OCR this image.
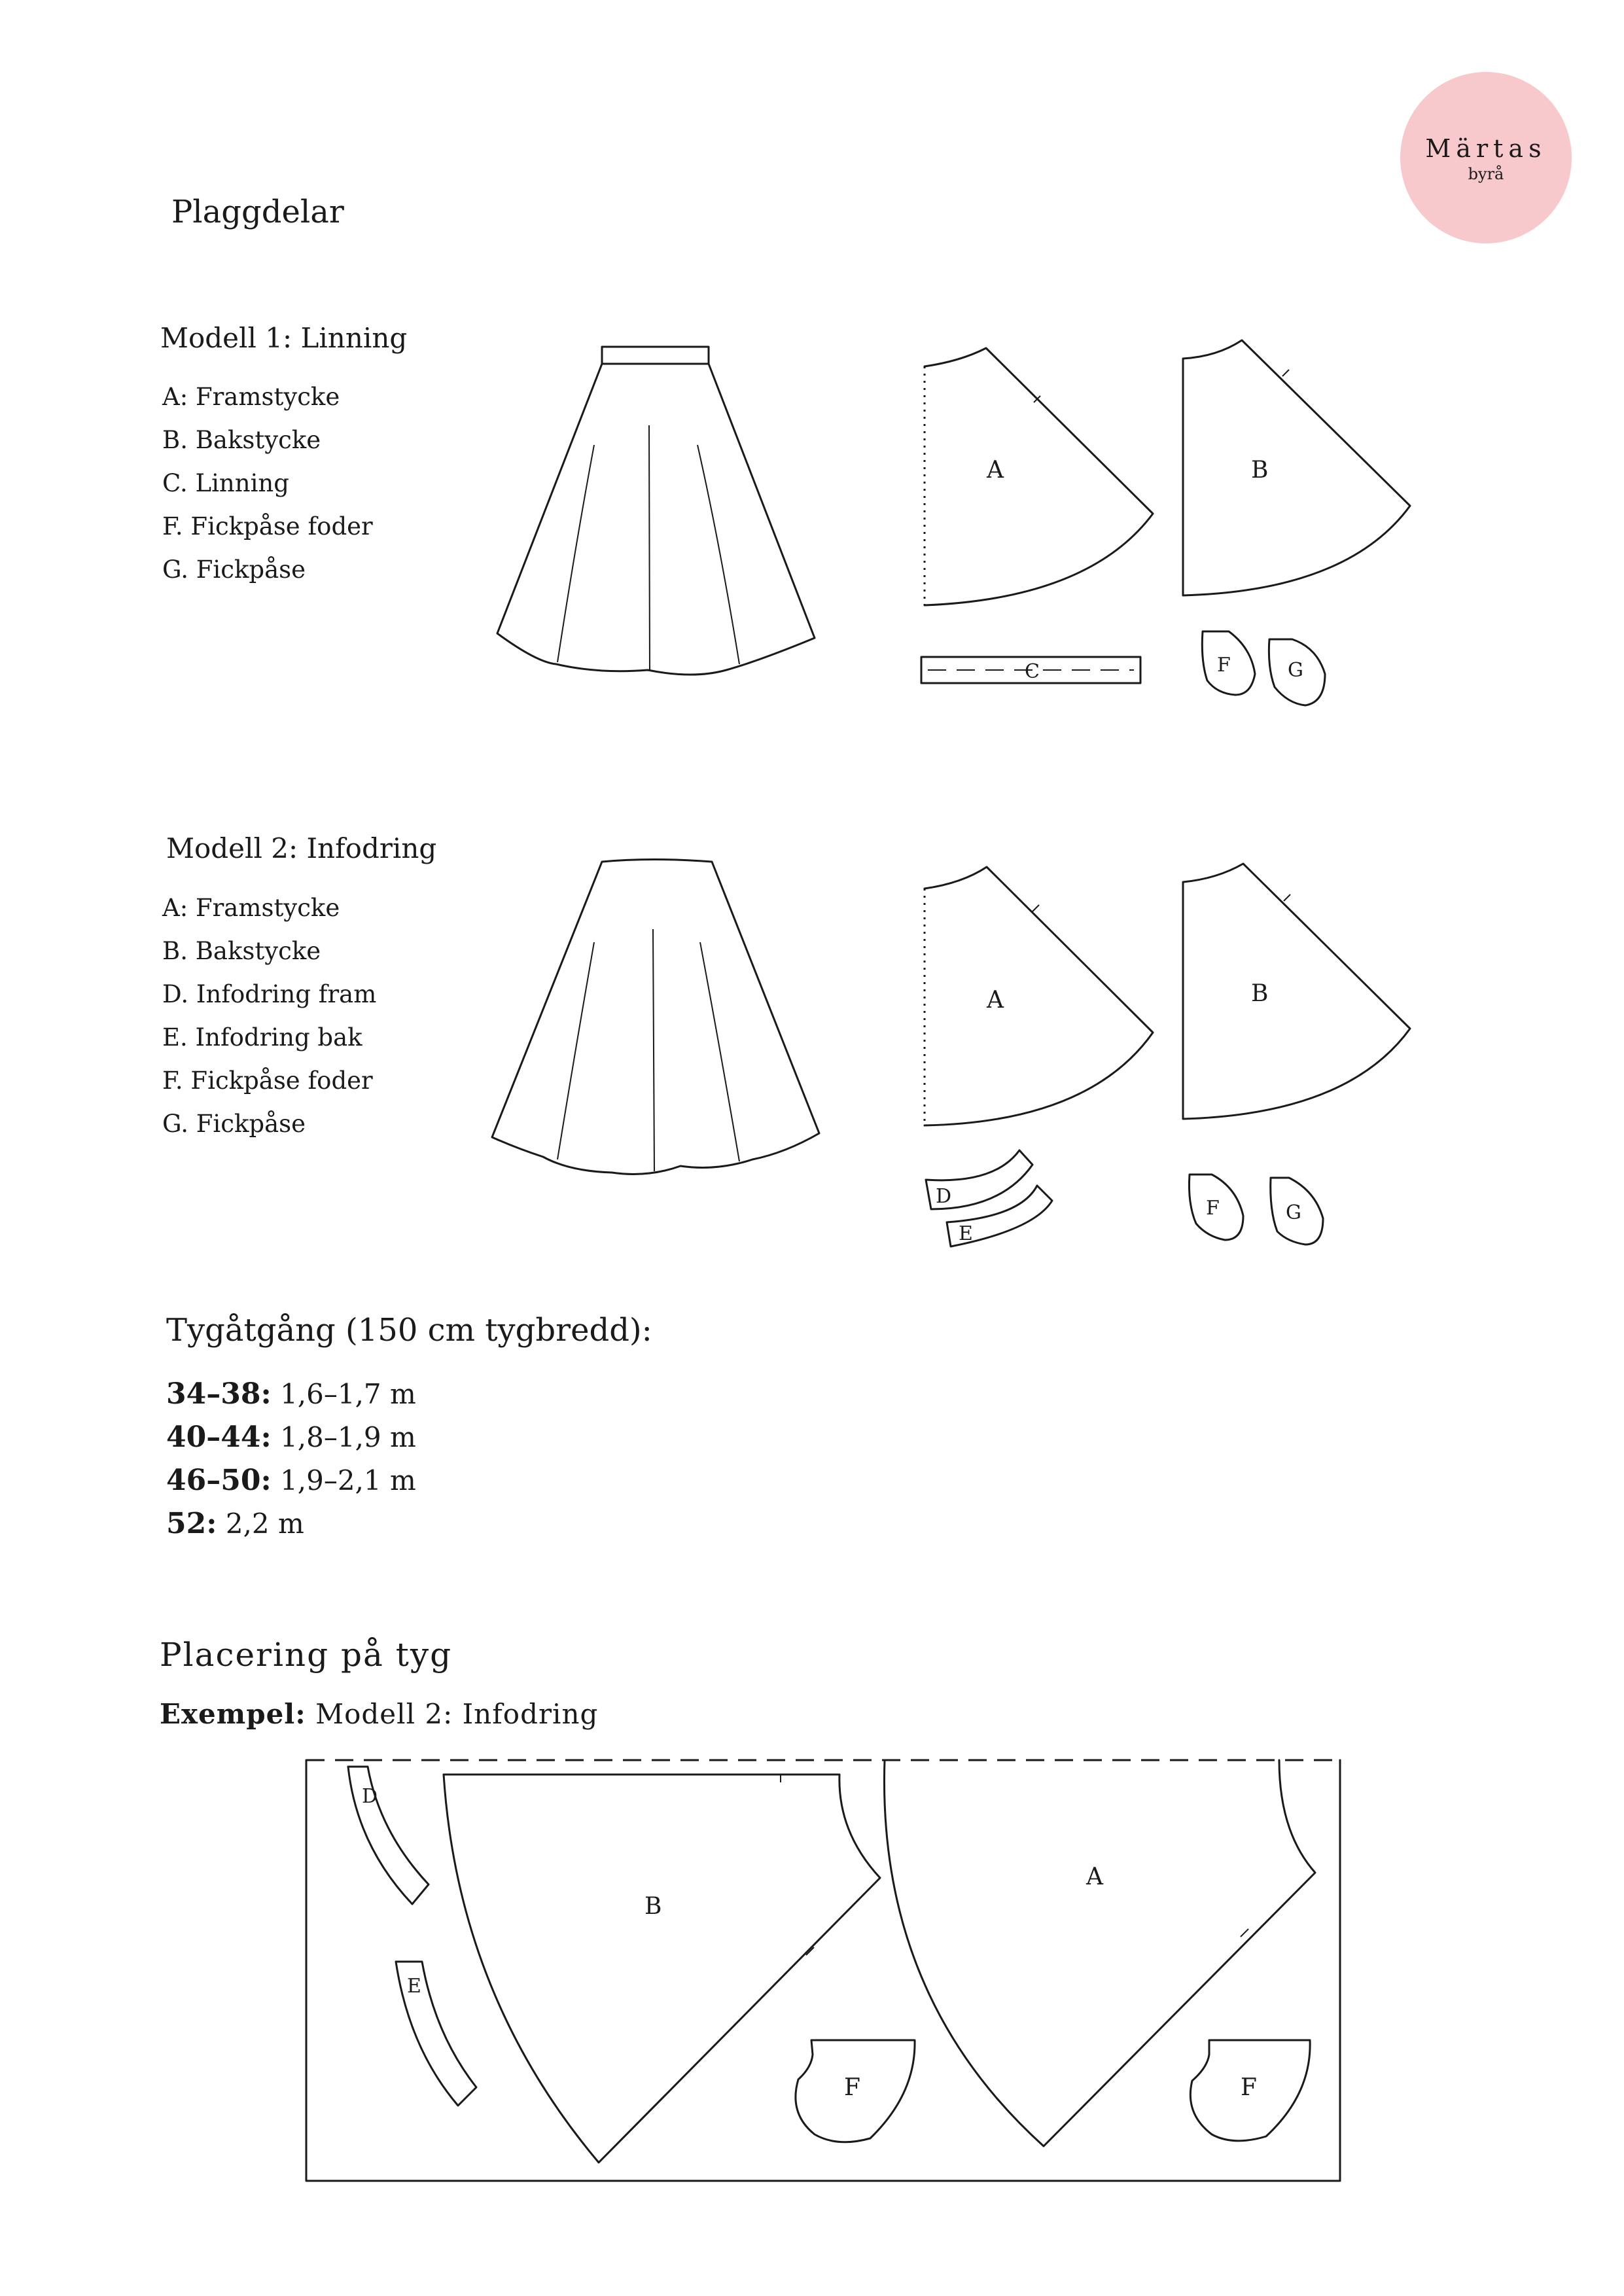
Märtas
byrå
Plaggdelar
Modell 1: Linning
A: Framstycke
B. Bakstycke
C. Linning
F. Fickpåse foder
G. Fickpåse
A	B
C	F	G
Modell 2: Infodring
A: Framstycke
B. Bakstycke
D. Infodring fram
E. Infodring bak
F. Fickpåse foder
G. Fickpåse
A	B
D
E
F	G
Tygåtgång (150 cm tygbredd):
34–38: 1,6–1,7 m
40–44: 1,8–1,9 m
46–50: 1,9–2,1 m
52: 2,2 m
Placering på tyg
Exempel: Modell 2: Infodring
D
E
B
A
F	F
